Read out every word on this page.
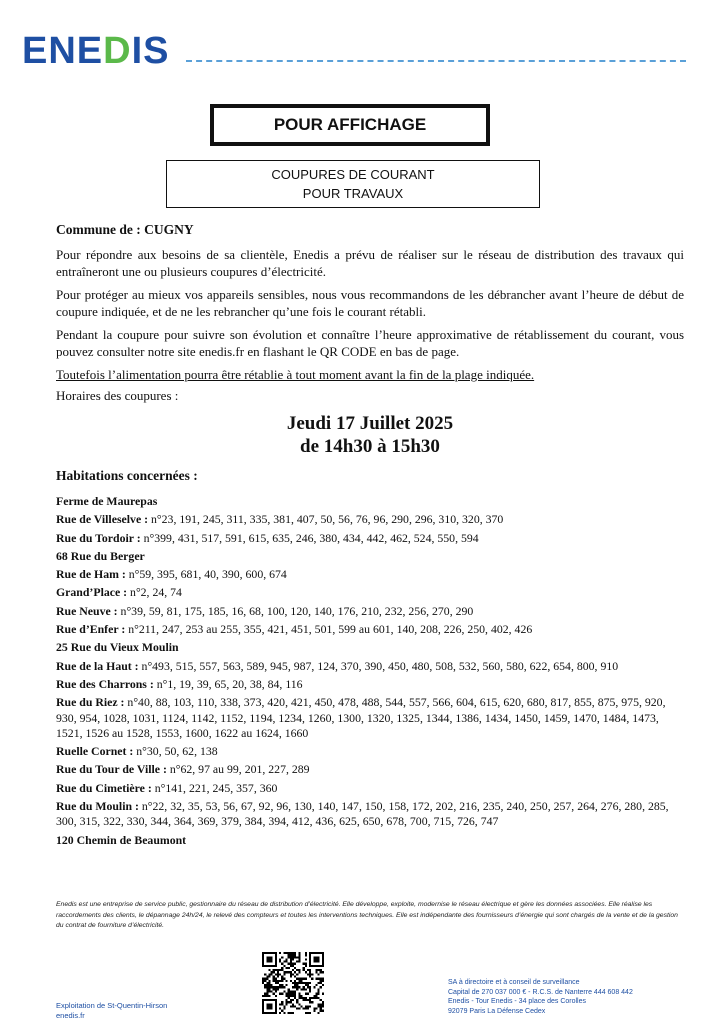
ENEDIS
POUR AFFICHAGE
COUPURES DE COURANT
POUR TRAVAUX

Commune de : CUGNY

Pour répondre aux besoins de sa clientèle, Enedis a prévu de réaliser sur le réseau de distribution des travaux qui entraîneront une ou plusieurs coupures d’électricité.

Pour protéger au mieux vos appareils sensibles, nous vous recommandons de les débrancher avant l’heure de début de coupure indiquée, et de ne les rebrancher qu’une fois le courant rétabli.

Pendant la coupure pour suivre son évolution et connaître l’heure approximative de rétablissement du courant, vous pouvez consulter notre site enedis.fr en flashant le QR CODE en bas de page.

Toutefois l’alimentation pourra être rétablie à tout moment avant la fin de la plage indiquée.

Horaires des coupures :

Jeudi 17 Juillet 2025
de 14h30 à 15h30

Habitations concernées :

Ferme de Maurepas
Rue de Villeselve : n°23, 191, 245, 311, 335, 381, 407, 50, 56, 76, 96, 290, 296, 310, 320, 370
Rue du Tordoir : n°399, 431, 517, 591, 615, 635, 246, 380, 434, 442, 462, 524, 550, 594
68 Rue du Berger
Rue de Ham : n°59, 395, 681, 40, 390, 600, 674
Grand’Place : n°2, 24, 74
Rue Neuve : n°39, 59, 81, 175, 185, 16, 68, 100, 120, 140, 176, 210, 232, 256, 270, 290
Rue d’Enfer : n°211, 247, 253 au 255, 355, 421, 451, 501, 599 au 601, 140, 208, 226, 250, 402, 426
25 Rue du Vieux Moulin
Rue de la Haut : n°493, 515, 557, 563, 589, 945, 987, 124, 370, 390, 450, 480, 508, 532, 560, 580, 622, 654, 800, 910
Rue des Charrons : n°1, 19, 39, 65, 20, 38, 84, 116
Rue du Riez : n°40, 88, 103, 110, 338, 373, 420, 421, 450, 478, 488, 544, 557, 566, 604, 615, 620, 680, 817, 855, 875, 975, 920, 930, 954, 1028, 1031, 1124, 1142, 1152, 1194, 1234, 1260, 1300, 1320, 1325, 1344, 1386, 1434, 1450, 1459, 1470, 1484, 1473, 1521, 1526 au 1528, 1553, 1600, 1622 au 1624, 1660
Ruelle Cornet : n°30, 50, 62, 138
Rue du Tour de Ville : n°62, 97 au 99, 201, 227, 289
Rue du Cimetière : n°141, 221, 245, 357, 360
Rue du Moulin : n°22, 32, 35, 53, 56, 67, 92, 96, 130, 140, 147, 150, 158, 172, 202, 216, 235, 240, 250, 257, 264, 276, 280, 285, 300, 315, 322, 330, 344, 364, 369, 379, 384, 394, 412, 436, 625, 650, 678, 700, 715, 726, 747
120 Chemin de Beaumont
Enedis est une entreprise de service public, gestionnaire du réseau de distribution d’électricité. Elle développe, exploite, modernise le réseau électrique et gère les données associées. Elle réalise les raccordements des clients, le dépannage 24h/24, le relevé des compteurs et toutes les interventions techniques. Elle est indépendante des fournisseurs d’énergie qui sont chargés de la vente et de la gestion du contrat de fourniture d’électricité.
Exploitation de St-Quentin-Hirson
enedis.fr
SA à directoire et à conseil de surveillance
Capital de 270 037 000 € - R.C.S. de Nanterre 444 608 442
Enedis - Tour Enedis - 34 place des Corolles
92079 Paris La Défense Cedex
